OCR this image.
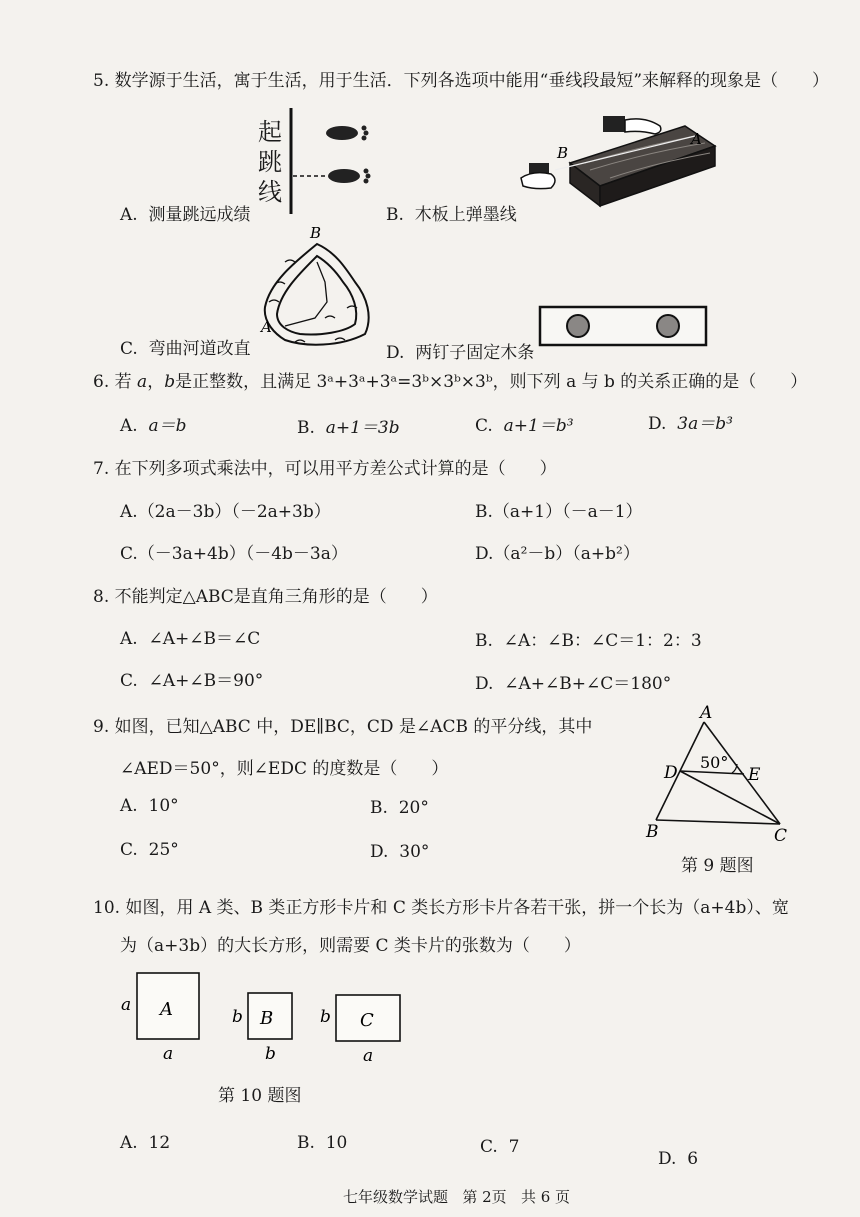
5. 数学源于生活，寓于生活，用于生活．下列各选项中能用“垂线段最短”来解释的现象是（　　）
起
跳
线
A. 测量跳远成绩
B
A
B. 木板上弹墨线
B
A
C. 弯曲河道改直	D. 两钉子固定木条
6. 若 a，b是正整数，且满足 3ᵃ+3ᵃ+3ᵃ=3ᵇ×3ᵇ×3ᵇ，则下列 a 与 b 的关系正确的是（　　）
A. a＝b	B. a+1＝3b	C. a+1＝b³	D. 3a＝b³
7. 在下列多项式乘法中，可以用平方差公式计算的是（　　）
A.（2a－3b）（－2a+3b）	B.（a+1）（－a－1）
C.（－3a+4b）（－4b－3a）	D.（a²－b）（a+b²）
8. 不能判定△ABC是直角三角形的是（　　）
A. ∠A+∠B＝∠C	B. ∠A：∠B：∠C＝1：2：3
C. ∠A+∠B＝90°	D. ∠A+∠B+∠C＝180°
9. 如图，已知△ABC 中，DE∥BC，CD 是∠ACB 的平分线，其中
∠AED＝50°，则∠EDC 的度数是（　　）
A. 10°	B. 20°
C. 25°	D. 30°
A
D	E
B	C
50°
第 9 题图
10. 如图，用 A 类、B 类正方形卡片和 C 类长方形卡片各若干张，拼一个长为（a+4b）、宽
为（a+3b）的大长方形，则需要 C 类卡片的张数为（　　）
A
a
a
B
b
b
C
b
a
第 10 题图
A. 12	B. 10	C. 7
D. 6
七年级数学试题 第 2页 共 6 页
